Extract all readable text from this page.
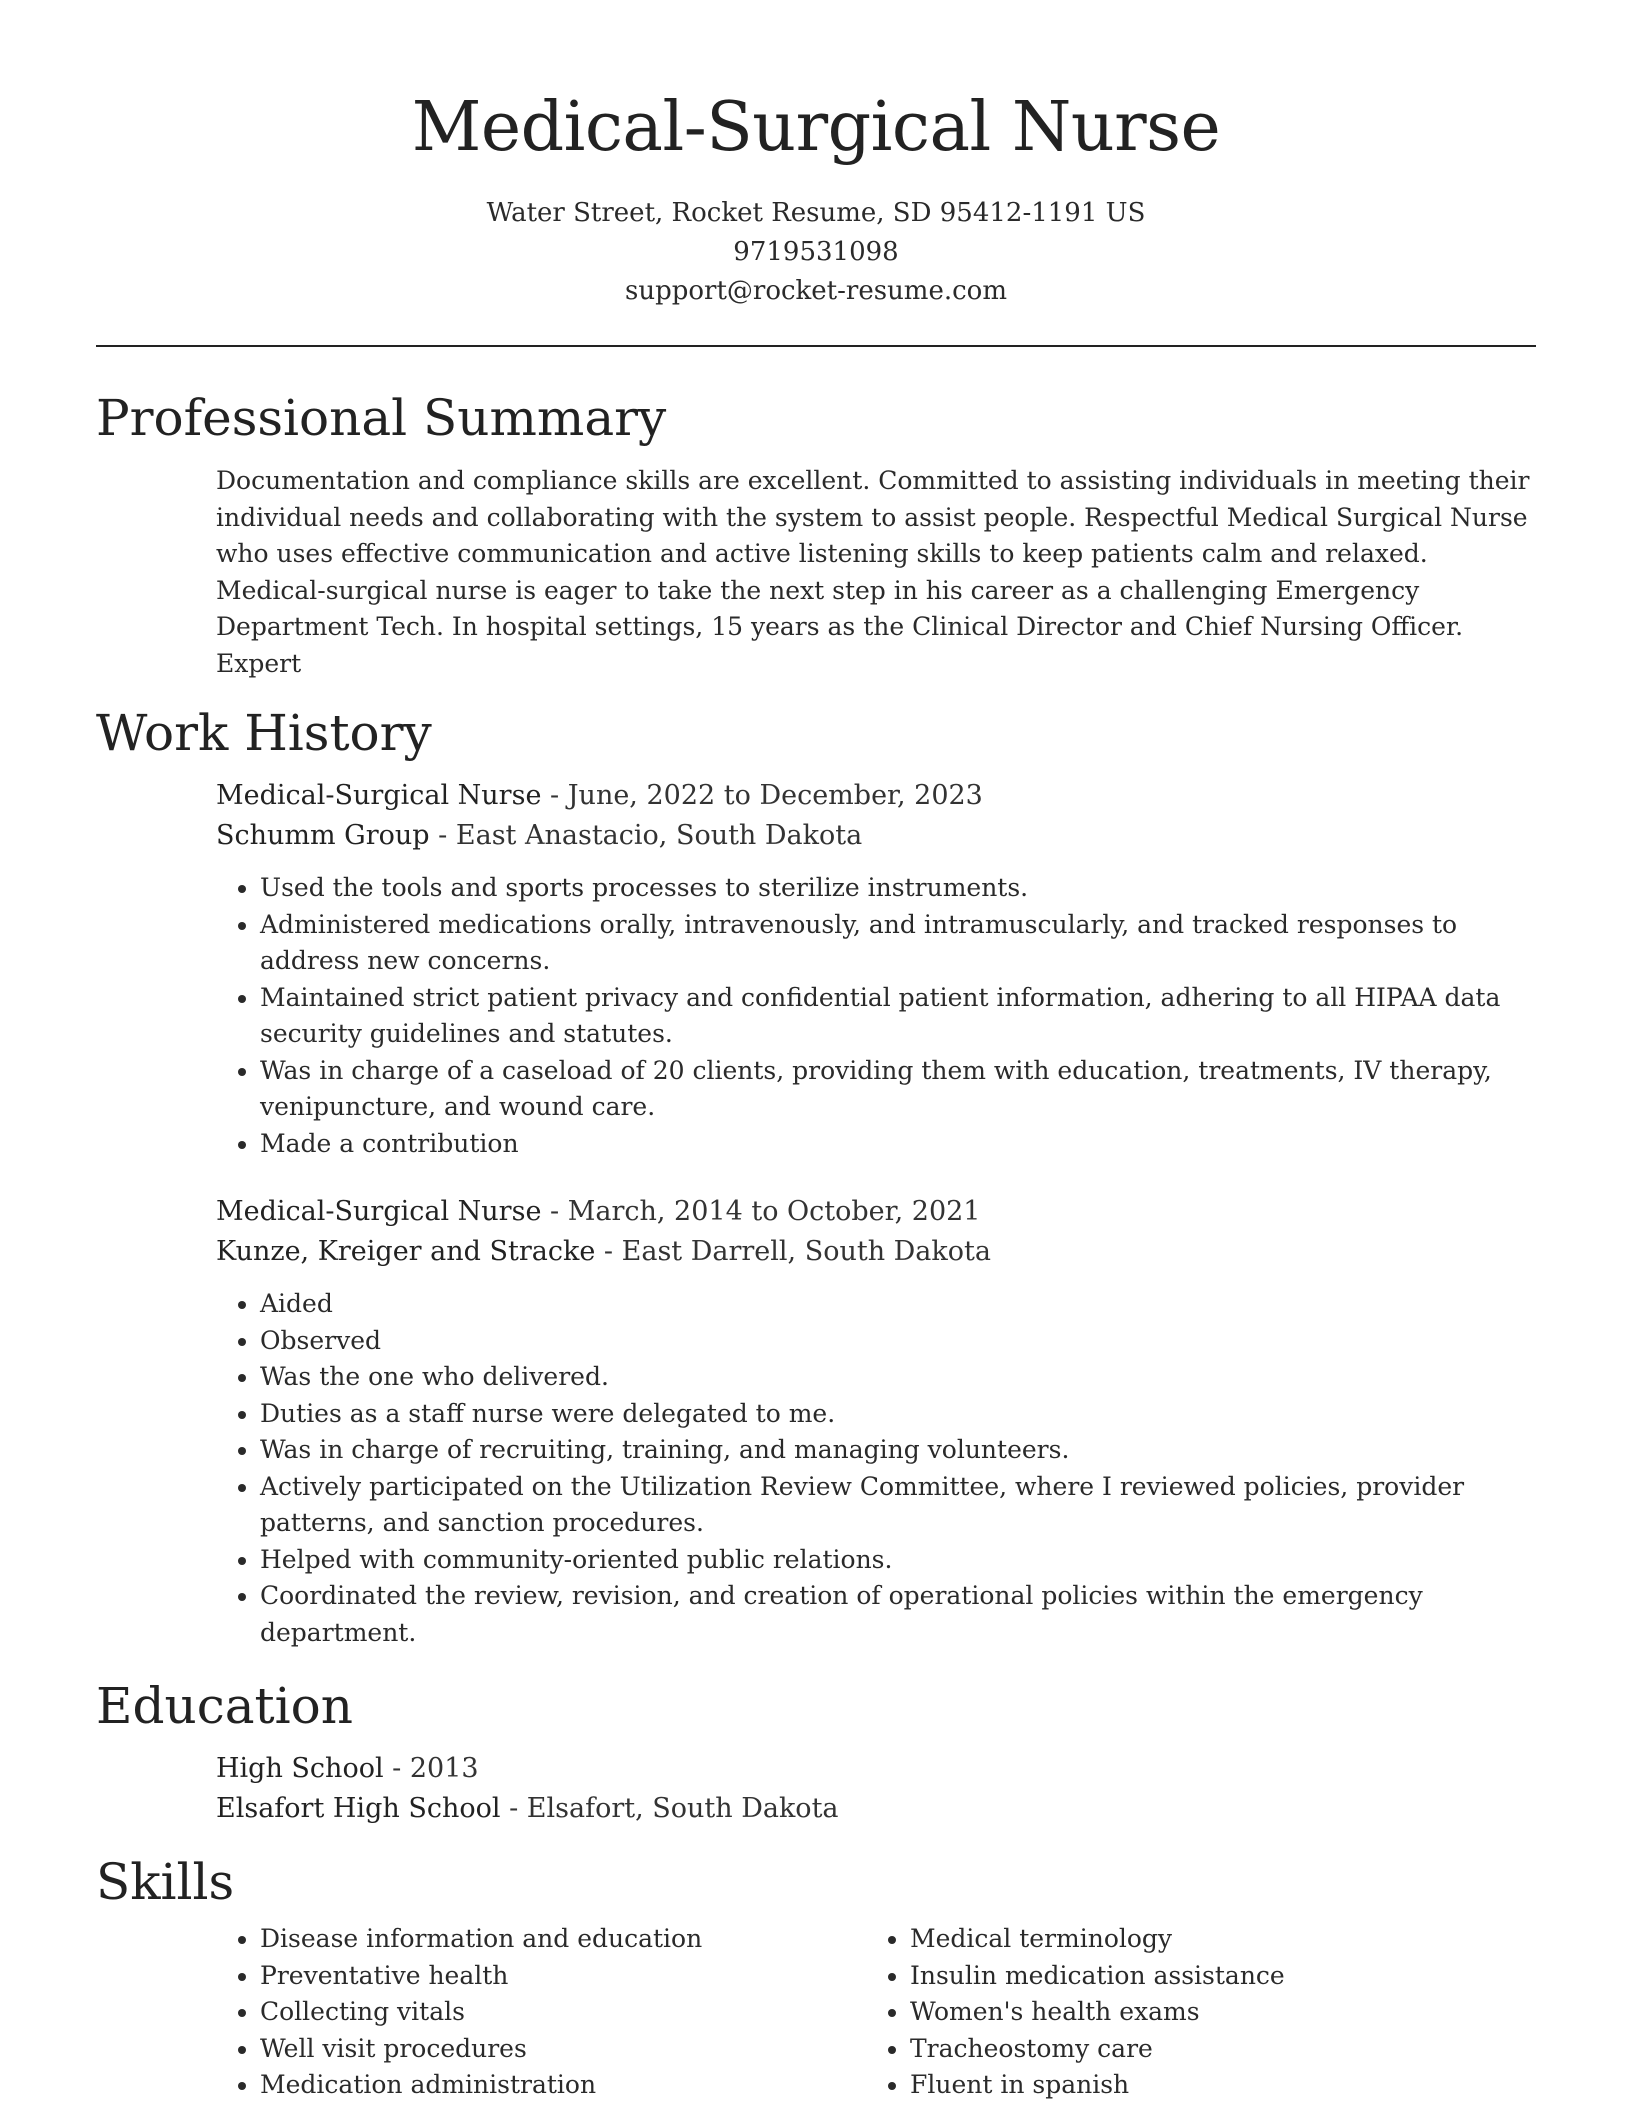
Medical-Surgical Nurse
Water Street, Rocket Resume, SD 95412-1191 US
9719531098
support@rocket-resume.com
Professional Summary

Documentation and compliance skills are excellent. Committed to assisting individuals in meeting their individual needs and collaborating with the system to assist people. Respectful Medical Surgical Nurse who uses effective communication and active listening skills to keep patients calm and relaxed. Medical-surgical nurse is eager to take the next step in his career as a challenging Emergency Department Tech. In hospital settings, 15 years as the Clinical Director and Chief Nursing Officer. Expert

Work History
Medical-Surgical Nurse - June, 2022 to December, 2023
Schumm Group - East Anastacio, South Dakota
• Used the tools and sports processes to sterilize instruments.
• Administered medications orally, intravenously, and intramuscularly, and tracked responses to address new concerns.
• Maintained strict patient privacy and confidential patient information, adhering to all HIPAA data security guidelines and statutes.
• Was in charge of a caseload of 20 clients, providing them with education, treatments, IV therapy, venipuncture, and wound care.
• Made a contribution
Medical-Surgical Nurse - March, 2014 to October, 2021
Kunze, Kreiger and Stracke - East Darrell, South Dakota
• Aided
• Observed
• Was the one who delivered.
• Duties as a staff nurse were delegated to me.
• Was in charge of recruiting, training, and managing volunteers.
• Actively participated on the Utilization Review Committee, where I reviewed policies, provider patterns, and sanction procedures.
• Helped with community-oriented public relations.
• Coordinated the review, revision, and creation of operational policies within the emergency department.
Education
High School - 2013
Elsafort High School - Elsafort, South Dakota
Skills
• Disease information and education
• Preventative health
• Collecting vitals
• Well visit procedures
• Medication administration
• Medical terminology
• Insulin medication assistance
• Women's health exams
• Tracheostomy care
• Fluent in spanish
